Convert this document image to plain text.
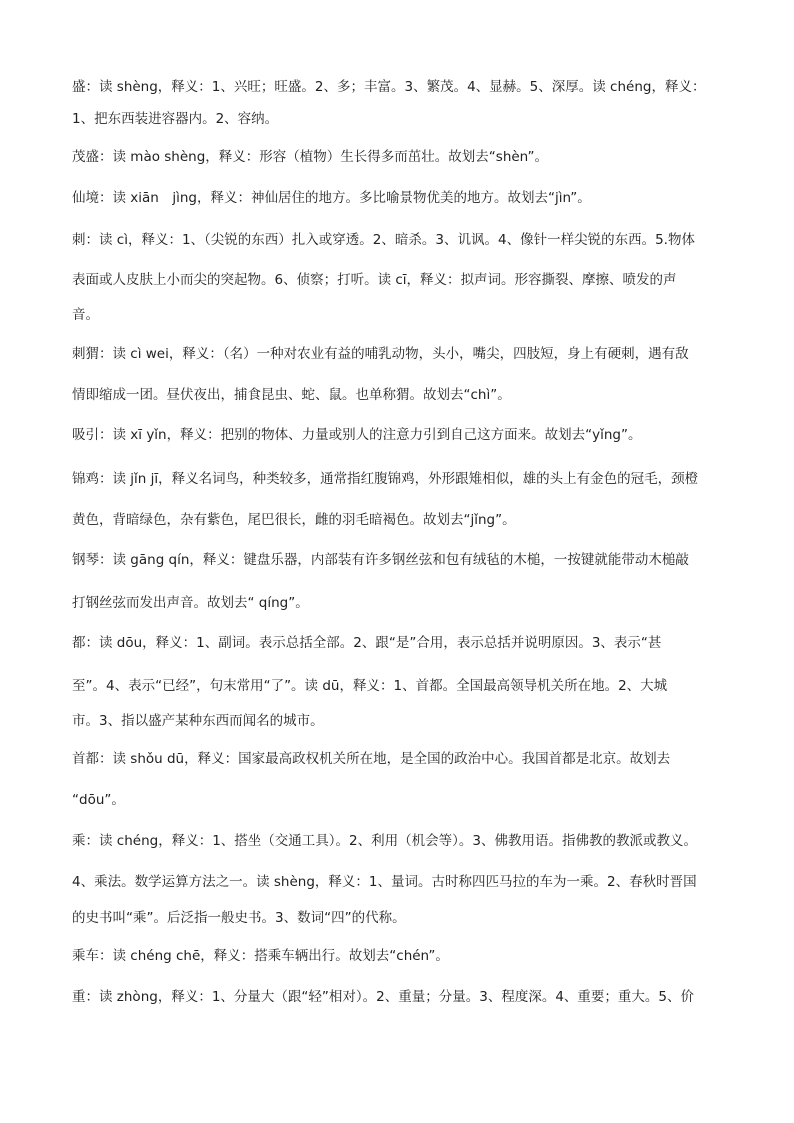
盛：读 shèng，释义：1、兴旺；旺盛。2、多；丰富。3、繁茂。4、显赫。5、深厚。读 chéng，释义：
1、把东西装进容器内。2、容纳。
茂盛：读 mào shèng，释义：形容（植物）生长得多而茁壮。故划去“shèn”。
仙境：读 xiān　jìng，释义：神仙居住的地方。多比喻景物优美的地方。故划去“jìn”。
刺：读 cì，释义：1、（尖锐的东西）扎入或穿透。2、暗杀。3、讥讽。4、像针一样尖锐的东西。5.物体
表面或人皮肤上小而尖的突起物。6、侦察；打听。读 cī，释义：拟声词。形容撕裂、摩擦、喷发的声
音。
刺猬：读 cì wei，释义：（名）一种对农业有益的哺乳动物，头小，嘴尖，四肢短，身上有硬刺，遇有敌
情即缩成一团。昼伏夜出，捕食昆虫、蛇、鼠。也单称猬。故划去“chì”。
吸引：读 xī yǐn，释义：把别的物体、力量或别人的注意力引到自己这方面来。故划去“yǐng”。
锦鸡：读 jǐn jī，释义名词鸟，种类较多，通常指红腹锦鸡，外形跟雉相似，雄的头上有金色的冠毛，颈橙
黄色，背暗绿色，杂有紫色，尾巴很长，雌的羽毛暗褐色。故划去“jǐng”。
钢琴：读 gāng qín，释义：键盘乐器，内部装有许多钢丝弦和包有绒毡的木槌，一按键就能带动木槌敲
打钢丝弦而发出声音。故划去“ qíng”。
都：读 dōu，释义：1、副词。表示总括全部。2、跟“是”合用，表示总括并说明原因。3、表示“甚
至”。4、表示“已经”，句末常用“了”。读 dū，释义：1、首都。全国最高领导机关所在地。2、大城
市。3、指以盛产某种东西而闻名的城市。
首都：读 shǒu dū，释义：国家最高政权机关所在地，是全国的政治中心。我国首都是北京。故划去
“dōu”。
乘：读 chéng，释义：1、搭坐（交通工具）。2、利用（机会等）。3、佛教用语。指佛教的教派或教义。
4、乘法。数学运算方法之一。读 shèng，释义：1、量词。古时称四匹马拉的车为一乘。2、春秋时晋国
的史书叫“乘”。后泛指一般史书。3、数词“四”的代称。
乘车：读 chéng chē，释义：搭乘车辆出行。故划去“chén”。
重：读 zhòng，释义：1、分量大（跟“轻”相对）。2、重量；分量。3、程度深。4、重要；重大。5、价
